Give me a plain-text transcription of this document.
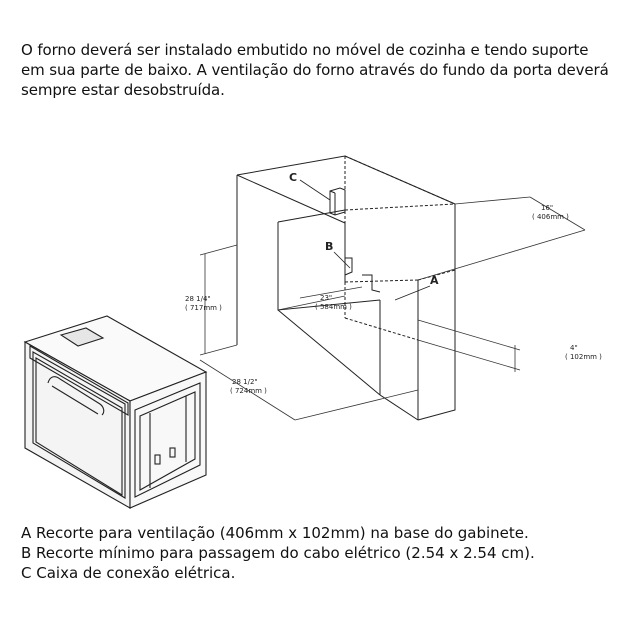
O forno deverá ser instalado embutido no móvel de cozinha e tendo suporte
em sua parte de baixo. A ventilação do forno através do fundo da porta deverá
sempre estar desobstruída.
C
B
A
16"
( 406mm )
28 1/4"
( 717mm )
23"
( 584mm )
28 1/2"
( 724mm )
4"
( 102mm )
A Recorte para ventilação (406mm x 102mm) na base do gabinete.
B Recorte mínimo para passagem do cabo elétrico (2.54 x 2.54 cm).
C Caixa de conexão elétrica.
